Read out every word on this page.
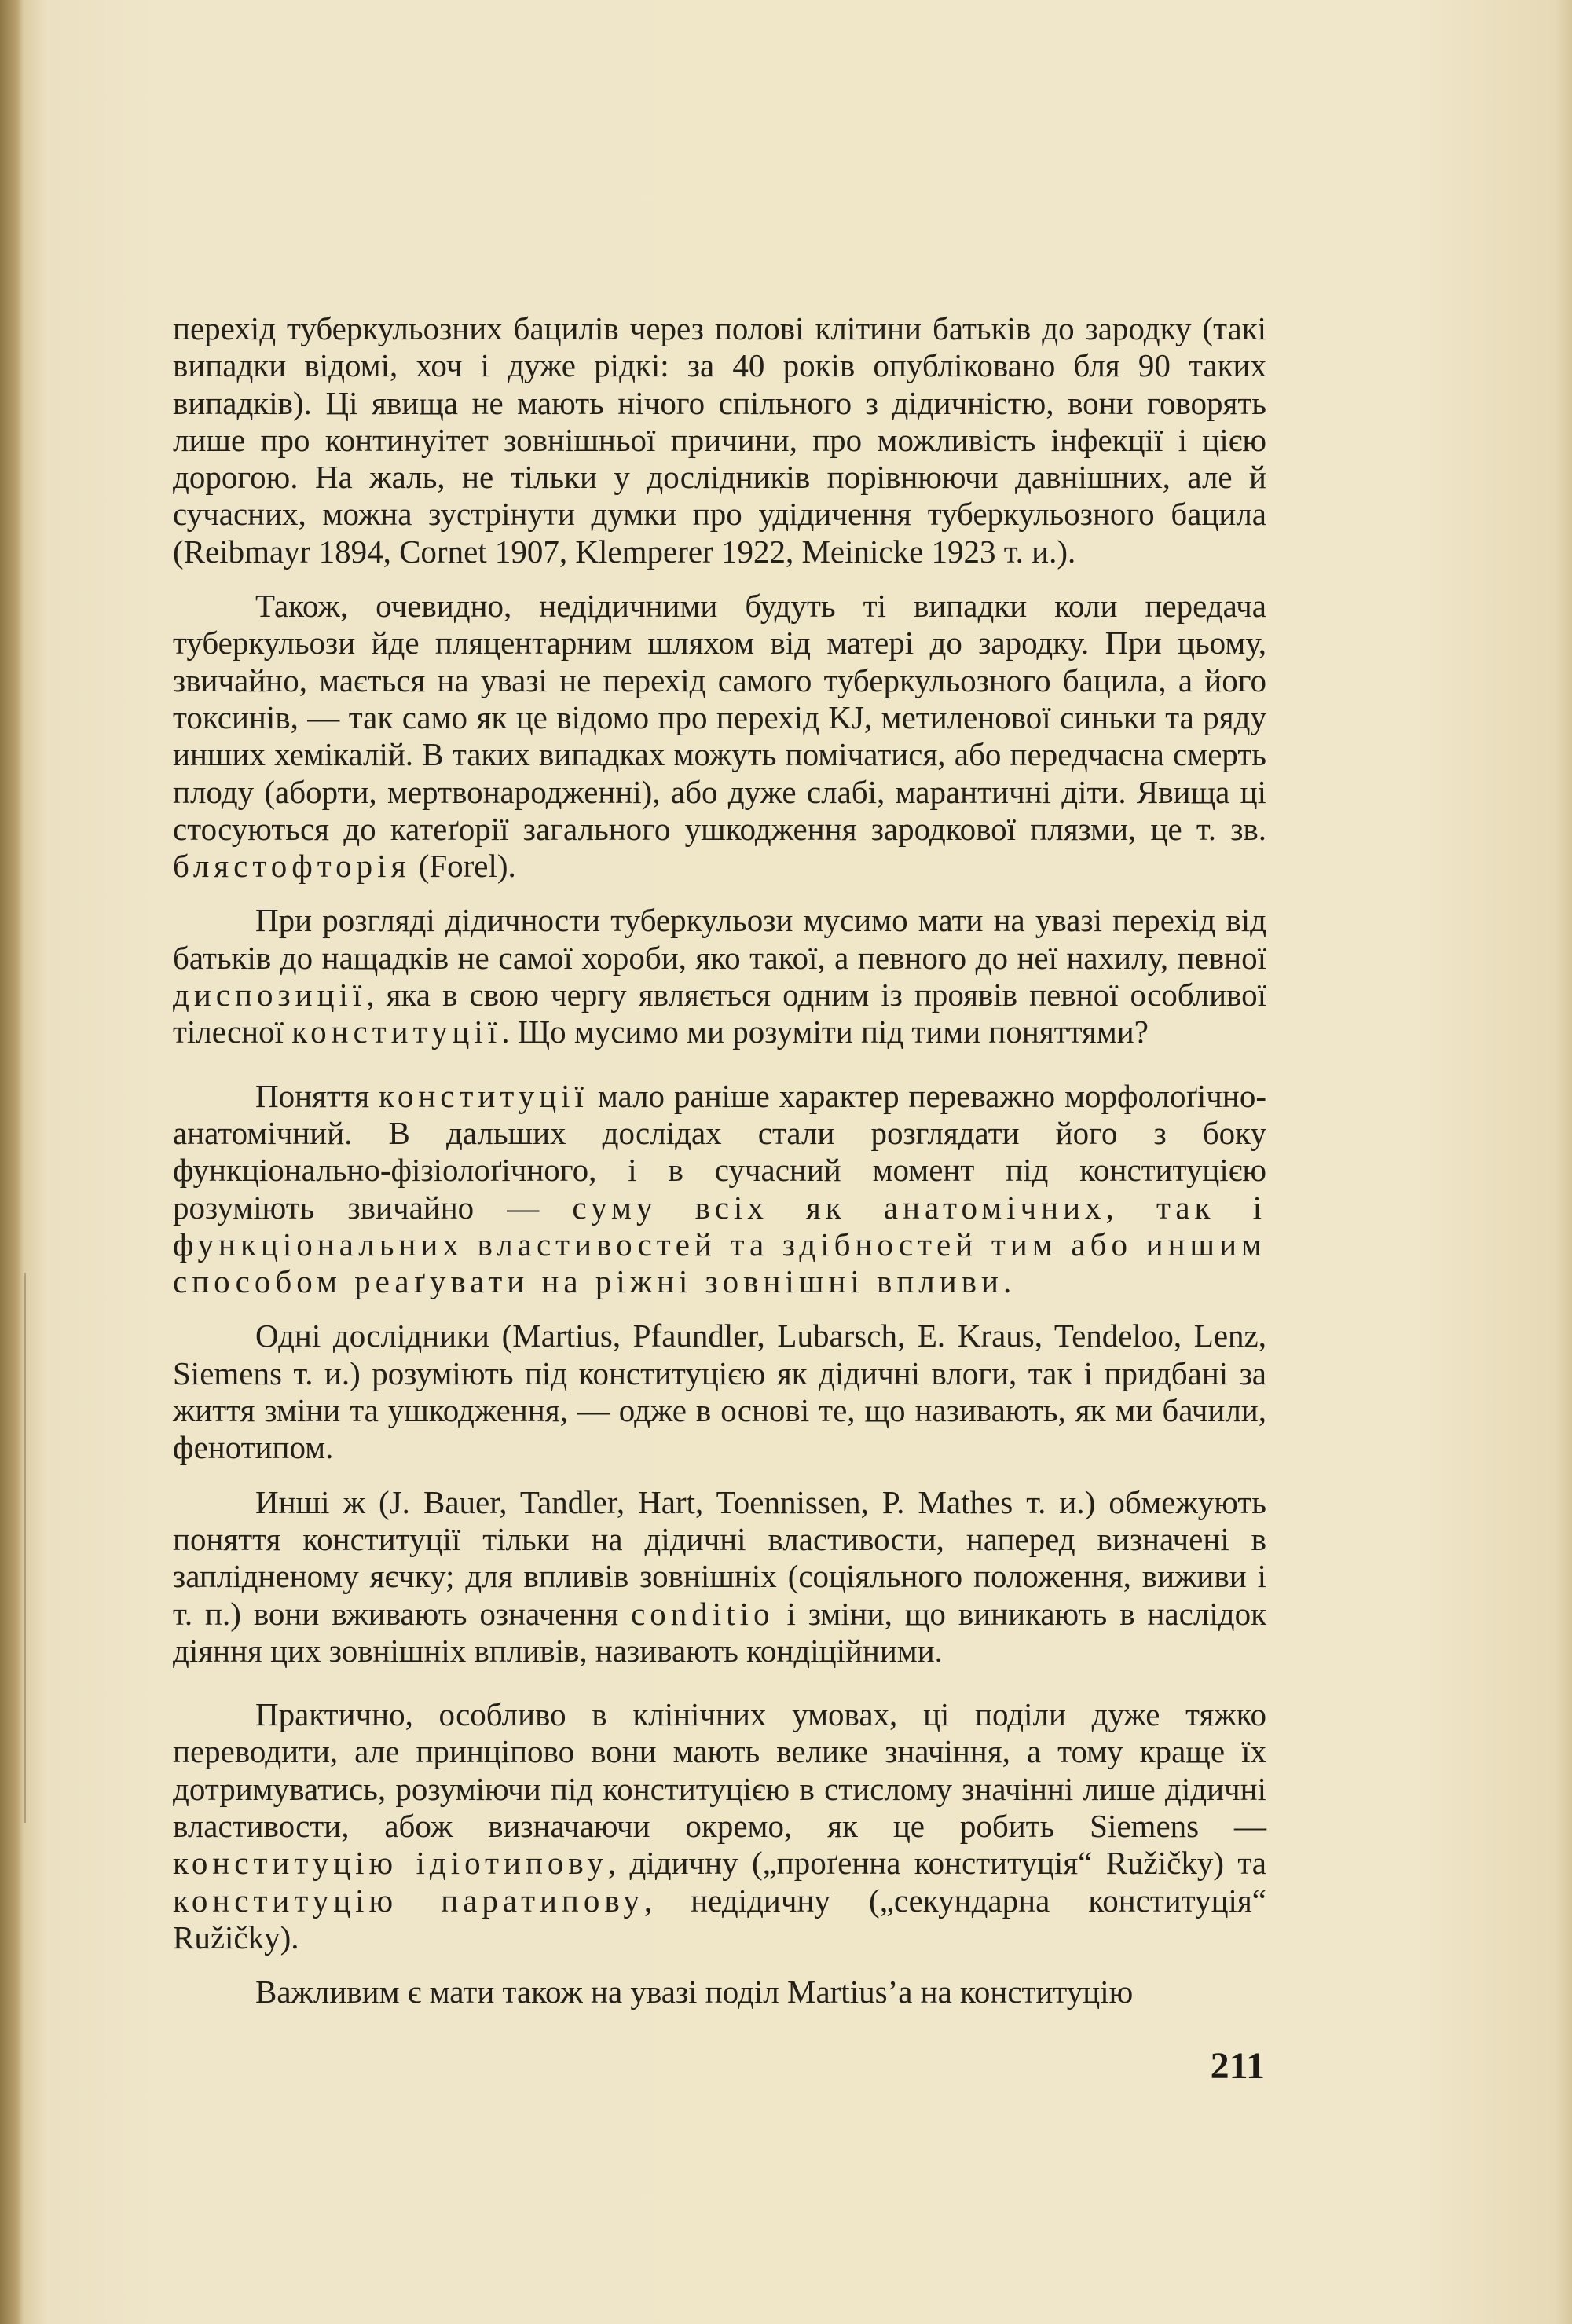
перехід туберкульозних бацилів через полові клітини батьків до зародку (такі випадки відомі, хоч і дуже рідкі: за 40 років опубліковано бля 90 таких випадків). Ці явища не мають нічого спільного з дідичністю, вони говорять лише про континуітет зовнішньої причини, про можливість інфекції і цією дорогою. На жаль, не тільки у дослідників порівнюючи давнішних, але й сучасних, можна зустрінути думки про удідичення туберкульозного бацила (Reibmayr 1894, Cornet 1907, Klemperer 1922, Meinicke 1923 т. и.).

Також, очевидно, недідичними будуть ті випадки коли передача туберкульози йде пляцентарним шляхом від матері до зародку. При цьому, звичайно, мається на увазі не перехід самого туберкульозного бацила, а його токсинів, — так само як це відомо про перехід KJ, метиленової синьки та ряду инших хемікалій. В таких випадках можуть помічатися, або передчасна смерть плоду (аборти, мертвонародженні), або дуже слабі, марантичні діти. Явища ці стосуються до катеґорії загального ушкодження зародкової плязми, це т. зв. блястофторія (Forel).

При розгляді дідичности туберкульози мусимо мати на увазі перехід від батьків до нащадків не самої хороби, яко такої, а певного до неї нахилу, певної диспозиції, яка в свою чергу являється одним із проявів певної особливої тілесної конституції. Що мусимо ми розуміти під тими поняттями?

Поняття конституції мало раніше характер переважно морфолоґічно-анатомічний. В дальших дослідах стали розглядати його з боку функціонально-фізіолоґічного, і в сучасний момент під конституцією розуміють звичайно — суму всіх як анатомічних, так і функціональних властивостей та здібностей тим або иншим способом реаґувати на ріжні зовнішні впливи.

Одні дослідники (Martius, Pfaundler, Lubarsch, E. Kraus, Tendeloo, Lenz, Siemens т. и.) розуміють під конституцією як дідичні влоги, так і придбані за життя зміни та ушкодження, — одже в основі те, що називають, як ми бачили, фенотипом.

Инші ж (J. Bauer, Tandler, Hart, Toennissen, P. Mathes т. и.) обмежують поняття конституції тільки на дідичні властивости, наперед визначені в заплідненому яєчку; для впливів зовнішніх (соціяльного положення, виживи і т. п.) вони вживають означення conditio і зміни, що виникають в наслідок діяння цих зовнішніх впливів, називають кондіційними.

Практично, особливо в клінічних умовах, ці поділи дуже тяжко переводити, але принціпово вони мають велике значіння, а тому краще їх дотримуватись, розуміючи під конституцією в стислому значінні лише дідичні властивости, абож визначаючи окремо, як це робить Siemens — конституцію ідіотипову, дідичну („проґенна конституція“ Ružičky) та конституцію паратипову, недідичну („секундарна конституція“ Ružičky).

Важливим є мати також на увазі поділ Martius’a на конституцію

211
